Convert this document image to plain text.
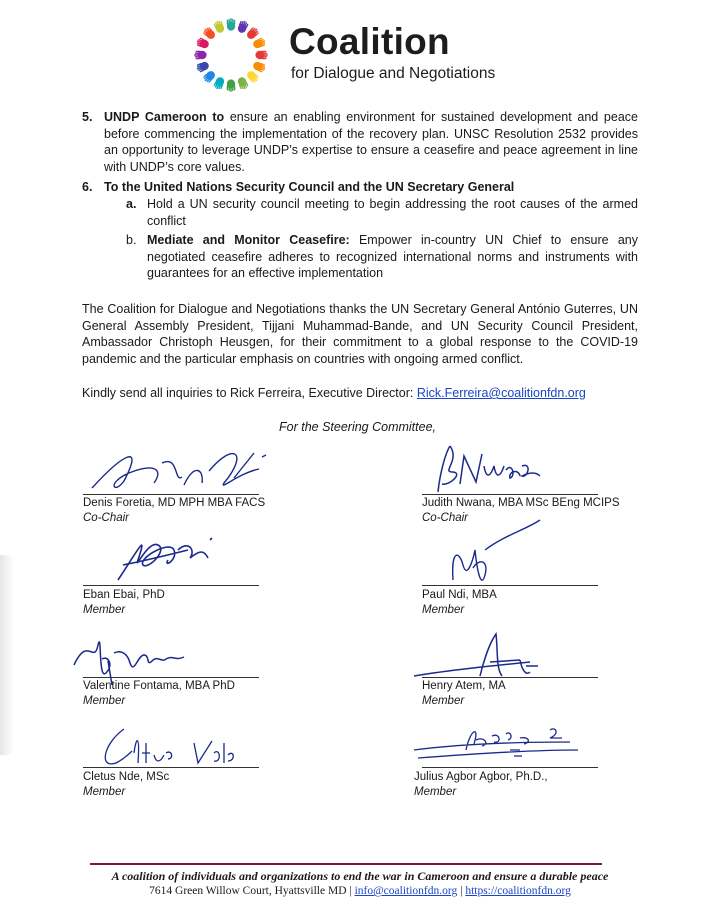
Coalition
for Dialogue and Negotiations
5. UNDP Cameroon to ensure an enabling environment for sustained development and peace before commencing the implementation of the recovery plan. UNSC Resolution 2532 provides an opportunity to leverage UNDP’s expertise to ensure a ceasefire and peace agreement in line with UNDP’s core values.
6. To the United Nations Security Council and the UN Secretary General
a. Hold a UN security council meeting to begin addressing the root causes of the armed conflict
b. Mediate and Monitor Ceasefire: Empower in-country UN Chief to ensure any negotiated ceasefire adheres to recognized international norms and instruments with guarantees for an effective implementation
The Coalition for Dialogue and Negotiations thanks the UN Secretary General António Guterres, UN General Assembly President, Tijjani Muhammad-Bande, and UN Security Council President, Ambassador Christoph Heusgen, for their commitment to a global response to the COVID-19 pandemic and the particular emphasis on countries with ongoing armed conflict.
Kindly send all inquiries to Rick Ferreira, Executive Director: Rick.Ferreira@coalitionfdn.org
For the Steering Committee,
Denis Foretia, MD MPH MBA FACS
Co-Chair
Judith Nwana, MBA MSc BEng MCIPS
Co-Chair
Eban Ebai, PhD
Member
Paul Ndi, MBA
Member
Valentine Fontama, MBA PhD
Member
Henry Atem, MA
Member
Cletus Nde, MSc
Member
Julius Agbor Agbor, Ph.D.,
Member
A coalition of individuals and organizations to end the war in Cameroon and ensure a durable peace
7614 Green Willow Court, Hyattsville MD | info@coalitionfdn.org | https://coalitionfdn.org
